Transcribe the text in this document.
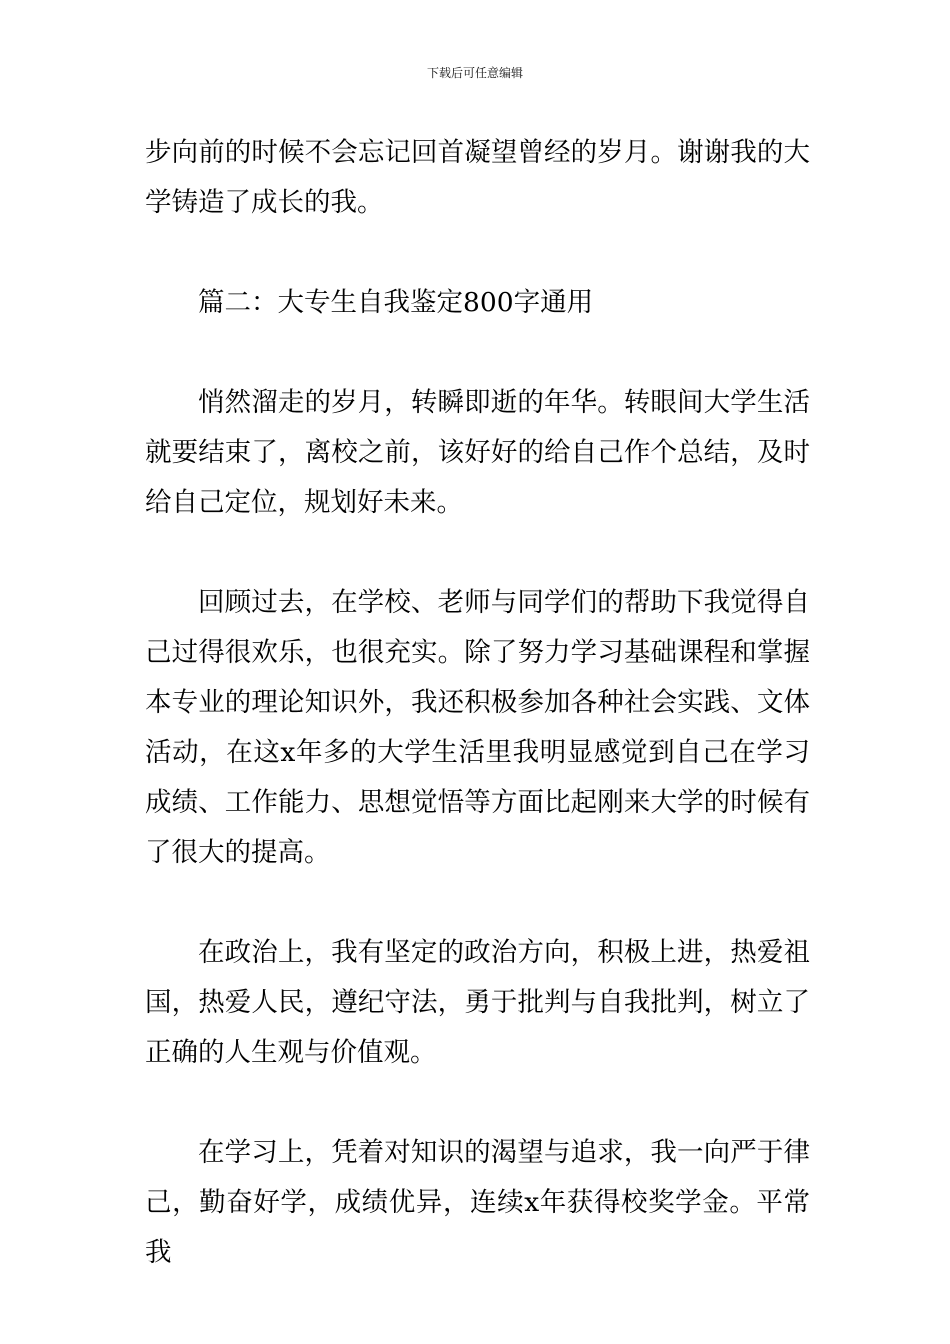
下载后可任意编辑

步向前的时候不会忘记回首凝望曾经的岁月。谢谢我的大学铸造了成长的我。

篇二：大专生自我鉴定800字通用

悄然溜走的岁月，转瞬即逝的年华。转眼间大学生活就要结束了，离校之前，该好好的给自己作个总结，及时给自己定位，规划好未来。

回顾过去，在学校、老师与同学们的帮助下我觉得自己过得很欢乐，也很充实。除了努力学习基础课程和掌握本专业的理论知识外，我还积极参加各种社会实践、文体活动，在这x年多的大学生活里我明显感觉到自己在学习成绩、工作能力、思想觉悟等方面比起刚来大学的时候有了很大的提高。

在政治上，我有坚定的政治方向，积极上进，热爱祖国，热爱人民，遵纪守法，勇于批判与自我批判，树立了正确的人生观与价值观。

在学习上，凭着对知识的渴望与追求，我一向严于律己，勤奋好学，成绩优异，连续x年获得校奖学金。平常我
